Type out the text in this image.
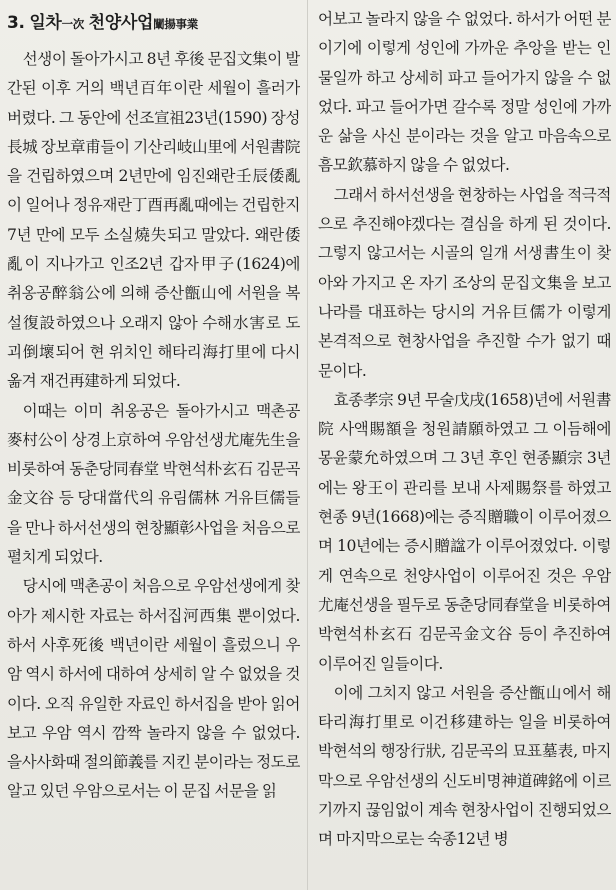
3. 일차一次 천양사업闡揚事業

선생이 돌아가시고 8년 후後 문집文集이 발간된 이후 거의 백년百年이란 세월이 흘러가 버렸다. 그 동안에 선조宣祖23년(1590) 장성長城 장보章甫들이 기산리岐山里에 서원書院을 건립하였으며 2년만에 임진왜란壬辰倭亂이 일어나 정유재란丁酉再亂때에는 건립한지 7년 만에 모두 소실燒失되고 말았다. 왜란倭亂이 지나가고 인조2년 갑자甲子(1624)에 취옹공醉翁公에 의해 증산甑山에 서원을 복설復設하였으나 오래지 않아 수해水害로 도괴倒壞되어 현 위치인 해타리海打里에 다시 옮겨 재건再建하게 되었다.

이때는 이미 취옹공은 돌아가시고 맥촌공麥村公이 상경上京하여 우암선생尤庵先生을 비롯하여 동춘당同春堂 박현석朴玄石 김문곡金文谷 등 당대當代의 유림儒林 거유巨儒들을 만나 하서선생의 현창顯彰사업을 처음으로 펼치게 되었다.

당시에 맥촌공이 처음으로 우암선생에게 찾아가 제시한 자료는 하서집河西集 뿐이었다. 하서 사후死後 백년이란 세월이 흘렀으니 우암 역시 하서에 대하여 상세히 알 수 없었을 것이다. 오직 유일한 자료인 하서집을 받아 읽어보고 우암 역시 깜짝 놀라지 않을 수 없었다. 을사사화때 절의節義를 지킨 분이라는 정도로 알고 있던 우암으로서는 이 문집 서문을 읽

어보고 놀라지 않을 수 없었다. 하서가 어떤 분이기에 이렇게 성인에 가까운 추앙을 받는 인물일까 하고 상세히 파고 들어가지 않을 수 없었다. 파고 들어가면 갈수록 정말 성인에 가까운 삶을 사신 분이라는 것을 알고 마음속으로 흠모欽慕하지 않을 수 없었다.

그래서 하서선생을 현창하는 사업을 적극적으로 추진해야겠다는 결심을 하게 된 것이다. 그렇지 않고서는 시골의 일개 서생書生이 찾아와 가지고 온 자기 조상의 문집文集을 보고 나라를 대표하는 당시의 거유巨儒가 이렇게 본격적으로 현창사업을 추진할 수가 없기 때문이다.

효종孝宗 9년 무술戊戌(1658)년에 서원書院 사액賜額을 청원請願하였고 그 이듬해에 몽윤蒙允하였으며 그 3년 후인 현종顯宗 3년에는 왕王이 관리를 보내 사제賜祭를 하였고 현종 9년(1668)에는 증직贈職이 이루어졌으며 10년에는 증시贈諡가 이루어졌었다. 이렇게 연속으로 천양사업이 이루어진 것은 우암尤庵선생을 필두로 동춘당同春堂을 비롯하여 박현석朴玄石 김문곡金文谷 등이 추진하여 이루어진 일들이다.

이에 그치지 않고 서원을 증산甑山에서 해타리海打里로 이건移建하는 일을 비롯하여 박현석의 행장行狀, 김문곡의 묘표墓表, 마지막으로 우암선생의 신도비명神道碑銘에 이르기까지 끊임없이 계속 현창사업이 진행되었으며 마지막으로는 숙종12년 병
